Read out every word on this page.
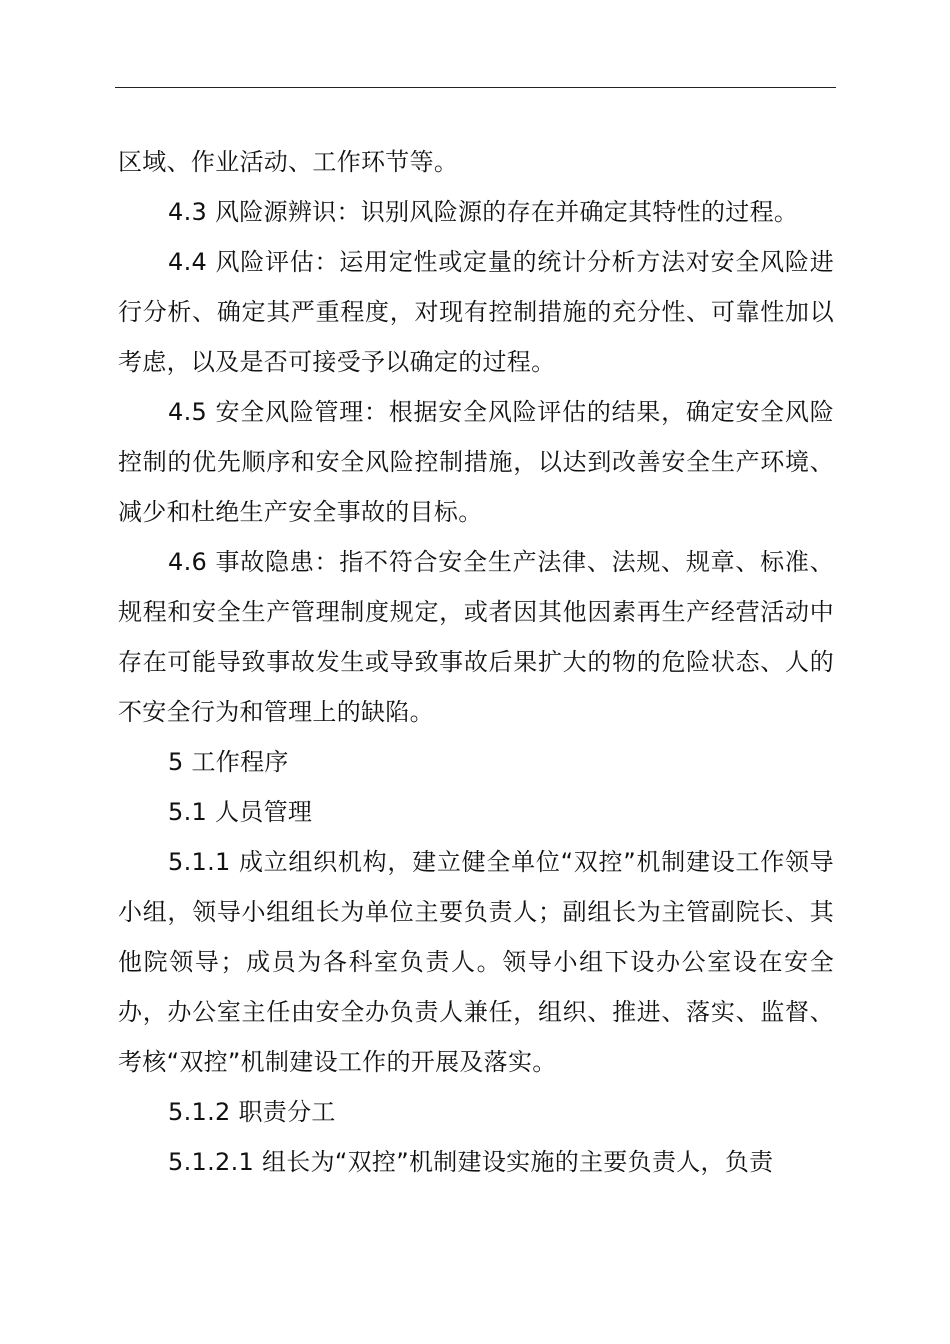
区域、作业活动、工作环节等。

4.3 风险源辨识：识别风险源的存在并确定其特性的过程。

4.4 风险评估：运用定性或定量的统计分析方法对安全风险进行分析、确定其严重程度，对现有控制措施的充分性、可靠性加以考虑，以及是否可接受予以确定的过程。

4.5 安全风险管理：根据安全风险评估的结果，确定安全风险控制的优先顺序和安全风险控制措施，以达到改善安全生产环境、减少和杜绝生产安全事故的目标。

4.6 事故隐患：指不符合安全生产法律、法规、规章、标准、规程和安全生产管理制度规定，或者因其他因素再生产经营活动中存在可能导致事故发生或导致事故后果扩大的物的危险状态、人的不安全行为和管理上的缺陷。

5 工作程序

5.1 人员管理

5.1.1 成立组织机构，建立健全单位“双控”机制建设工作领导小组，领导小组组长为单位主要负责人；副组长为主管副院长、其他院领导；成员为各科室负责人。领导小组下设办公室设在安全办，办公室主任由安全办负责人兼任，组织、推进、落实、监督、考核“双控”机制建设工作的开展及落实。

5.1.2 职责分工

5.1.2.1 组长为“双控”机制建设实施的主要负责人，负责
